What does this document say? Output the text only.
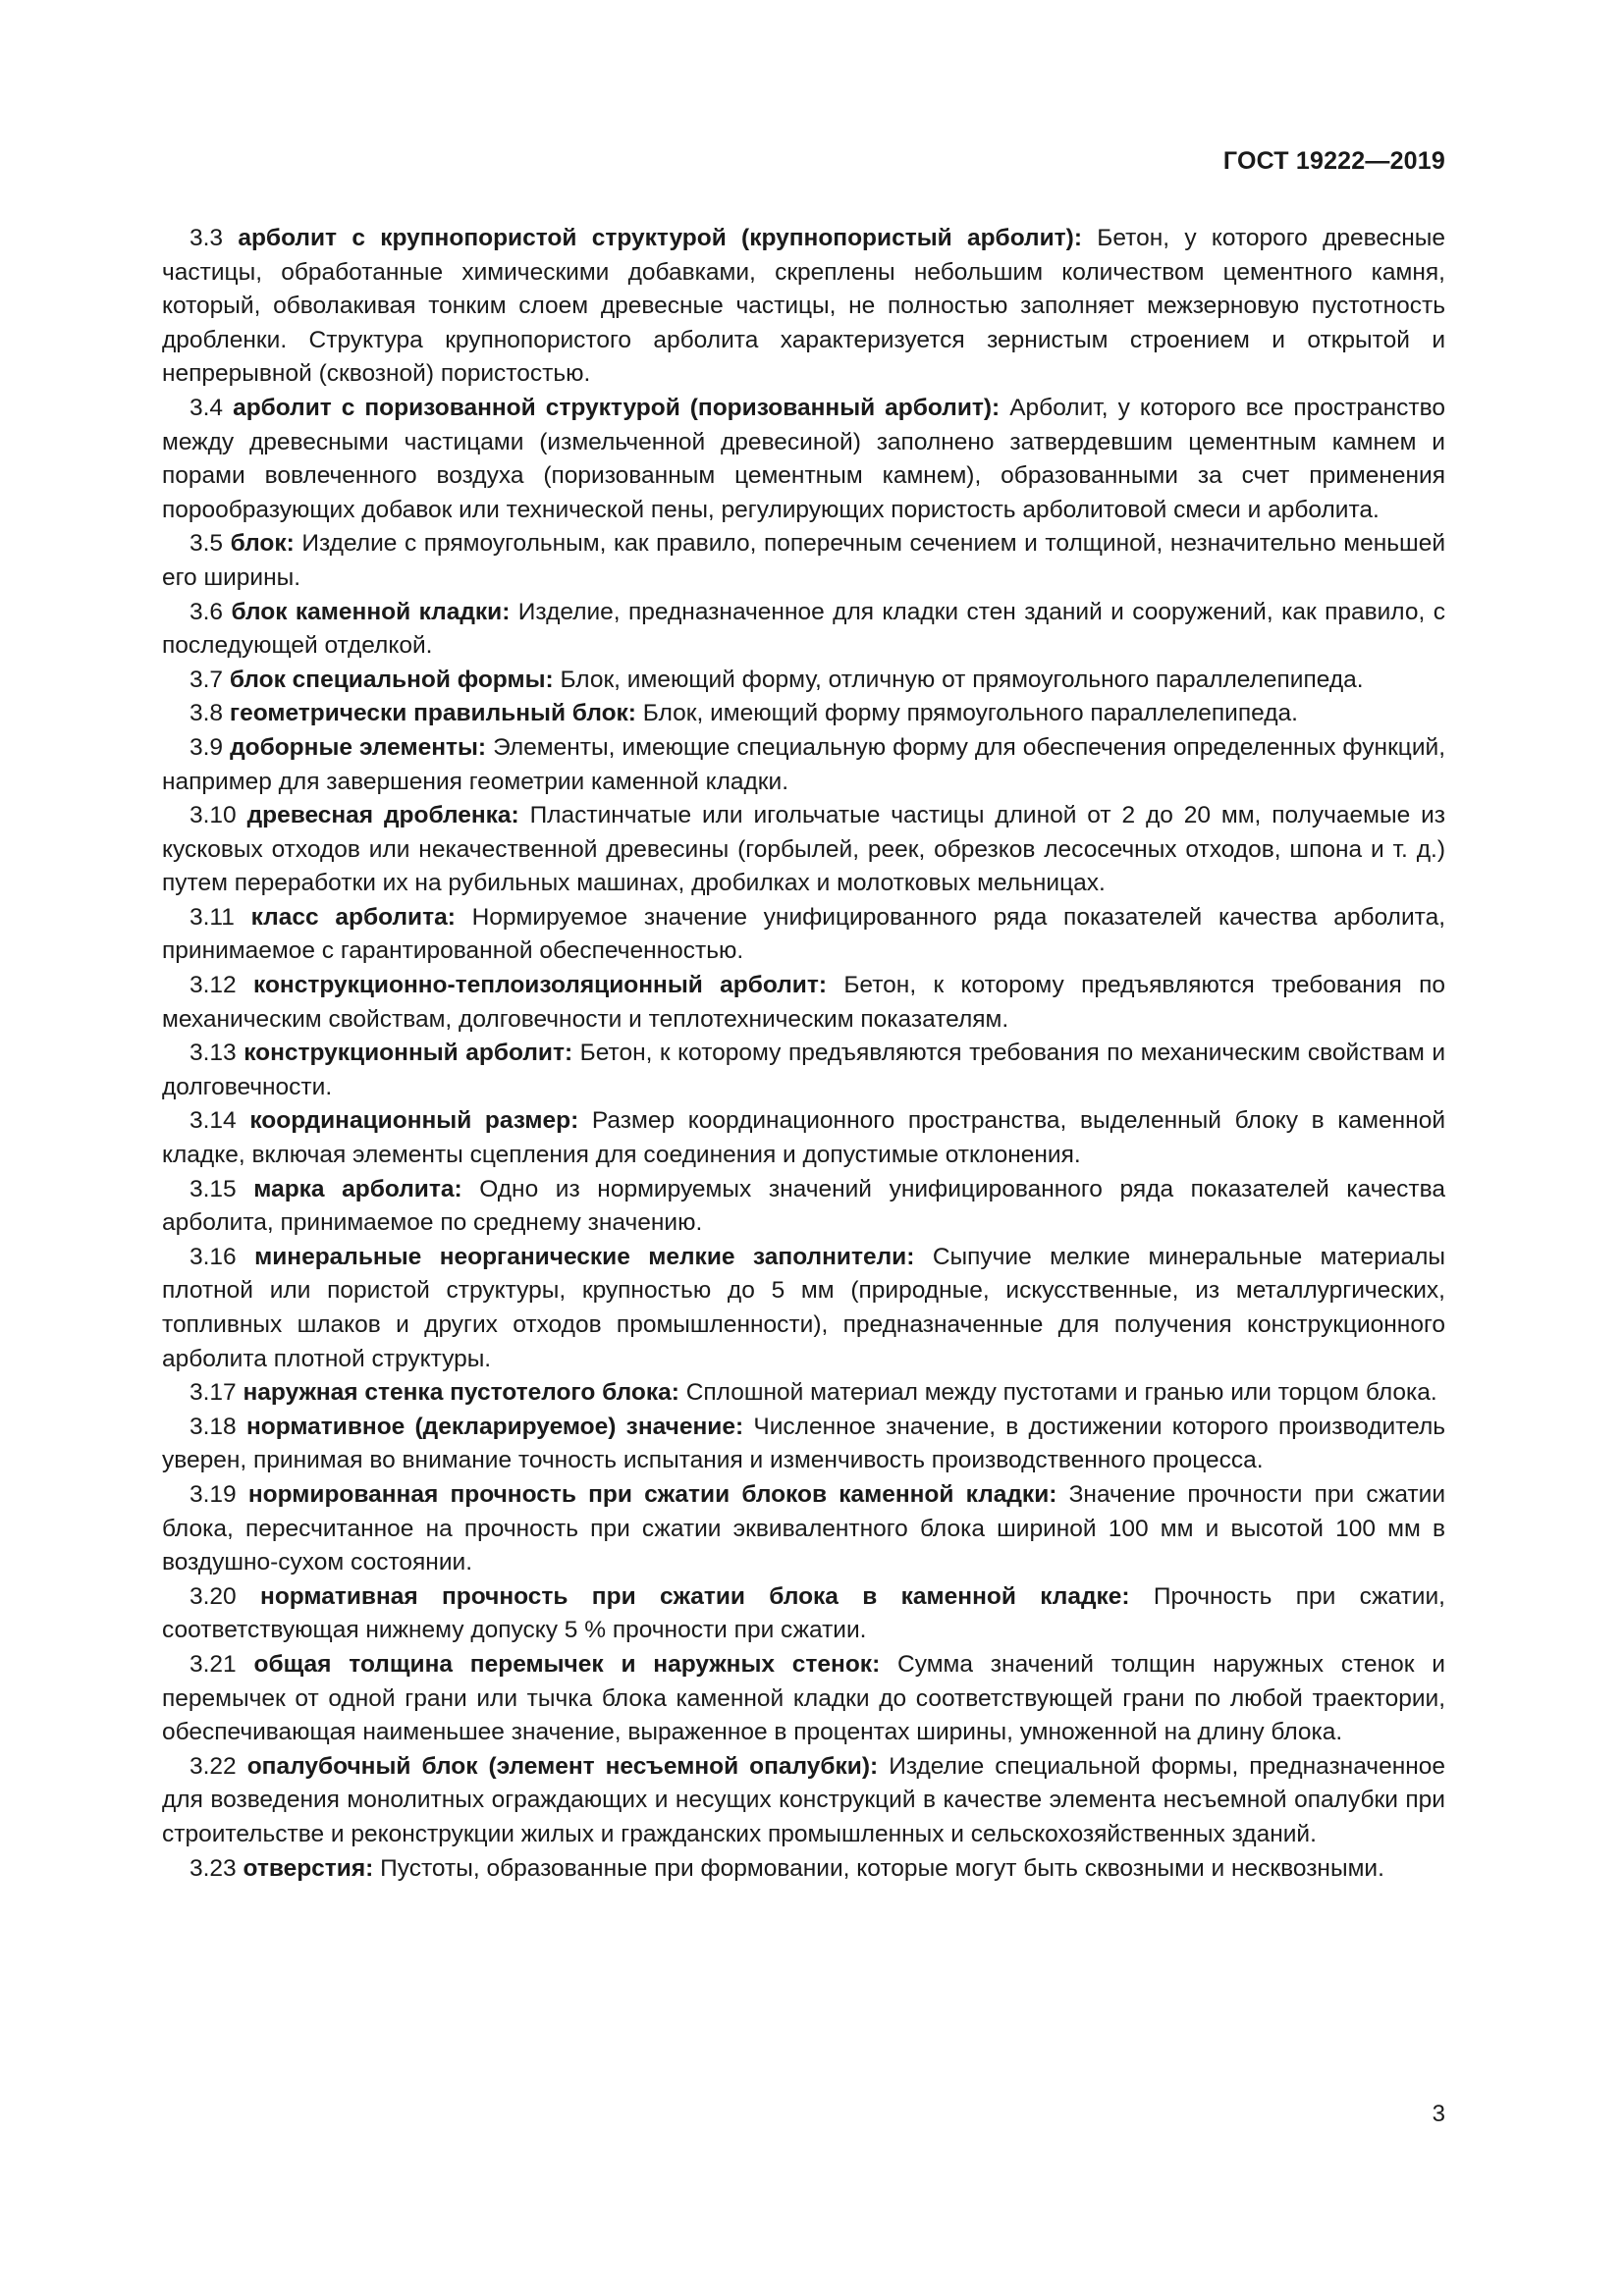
ГОСТ 19222—2019

3.3 арболит с крупнопористой структурой (крупнопористый арболит): Бетон, у которого древесные частицы, обработанные химическими добавками, скреплены небольшим количеством цементного камня, который, обволакивая тонким слоем древесные частицы, не полностью заполняет межзерновую пустотность дробленки. Структура крупнопористого арболита характеризуется зернистым строением и открытой и непрерывной (сквозной) пористостью.

3.4 арболит с поризованной структурой (поризованный арболит): Арболит, у которого все пространство между древесными частицами (измельченной древесиной) заполнено затвердевшим цементным камнем и порами вовлеченного воздуха (поризованным цементным камнем), образованными за счет применения порообразующих добавок или технической пены, регулирующих пористость арболитовой смеси и арболита.

3.5 блок: Изделие с прямоугольным, как правило, поперечным сечением и толщиной, незначительно меньшей его ширины.

3.6 блок каменной кладки: Изделие, предназначенное для кладки стен зданий и сооружений, как правило, с последующей отделкой.

3.7 блок специальной формы: Блок, имеющий форму, отличную от прямоугольного параллелепипеда.

3.8 геометрически правильный блок: Блок, имеющий форму прямоугольного параллелепипеда.

3.9 доборные элементы: Элементы, имеющие специальную форму для обеспечения определенных функций, например для завершения геометрии каменной кладки.

3.10 древесная дробленка: Пластинчатые или игольчатые частицы длиной от 2 до 20 мм, получаемые из кусковых отходов или некачественной древесины (горбылей, реек, обрезков лесосечных отходов, шпона и т. д.) путем переработки их на рубильных машинах, дробилках и молотковых мельницах.

3.11 класс арболита: Нормируемое значение унифицированного ряда показателей качества арболита, принимаемое с гарантированной обеспеченностью.

3.12 конструкционно-теплоизоляционный арболит: Бетон, к которому предъявляются требования по механическим свойствам, долговечности и теплотехническим показателям.

3.13 конструкционный арболит: Бетон, к которому предъявляются требования по механическим свойствам и долговечности.

3.14 координационный размер: Размер координационного пространства, выделенный блоку в каменной кладке, включая элементы сцепления для соединения и допустимые отклонения.

3.15 марка арболита: Одно из нормируемых значений унифицированного ряда показателей качества арболита, принимаемое по среднему значению.

3.16 минеральные неорганические мелкие заполнители: Сыпучие мелкие минеральные материалы плотной или пористой структуры, крупностью до 5 мм (природные, искусственные, из металлургических, топливных шлаков и других отходов промышленности), предназначенные для получения конструкционного арболита плотной структуры.

3.17 наружная стенка пустотелого блока: Сплошной материал между пустотами и гранью или торцом блока.

3.18 нормативное (декларируемое) значение: Численное значение, в достижении которого производитель уверен, принимая во внимание точность испытания и изменчивость производственного процесса.

3.19 нормированная прочность при сжатии блоков каменной кладки: Значение прочности при сжатии блока, пересчитанное на прочность при сжатии эквивалентного блока шириной 100 мм и высотой 100 мм в воздушно-сухом состоянии.

3.20 нормативная прочность при сжатии блока в каменной кладке: Прочность при сжатии, соответствующая нижнему допуску 5 % прочности при сжатии.

3.21 общая толщина перемычек и наружных стенок: Сумма значений толщин наружных стенок и перемычек от одной грани или тычка блока каменной кладки до соответствующей грани по любой траектории, обеспечивающая наименьшее значение, выраженное в процентах ширины, умноженной на длину блока.

3.22 опалубочный блок (элемент несъемной опалубки): Изделие специальной формы, предназначенное для возведения монолитных ограждающих и несущих конструкций в качестве элемента несъемной опалубки при строительстве и реконструкции жилых и гражданских промышленных и сельскохозяйственных зданий.

3.23 отверстия: Пустоты, образованные при формовании, которые могут быть сквозными и несквозными.

3
